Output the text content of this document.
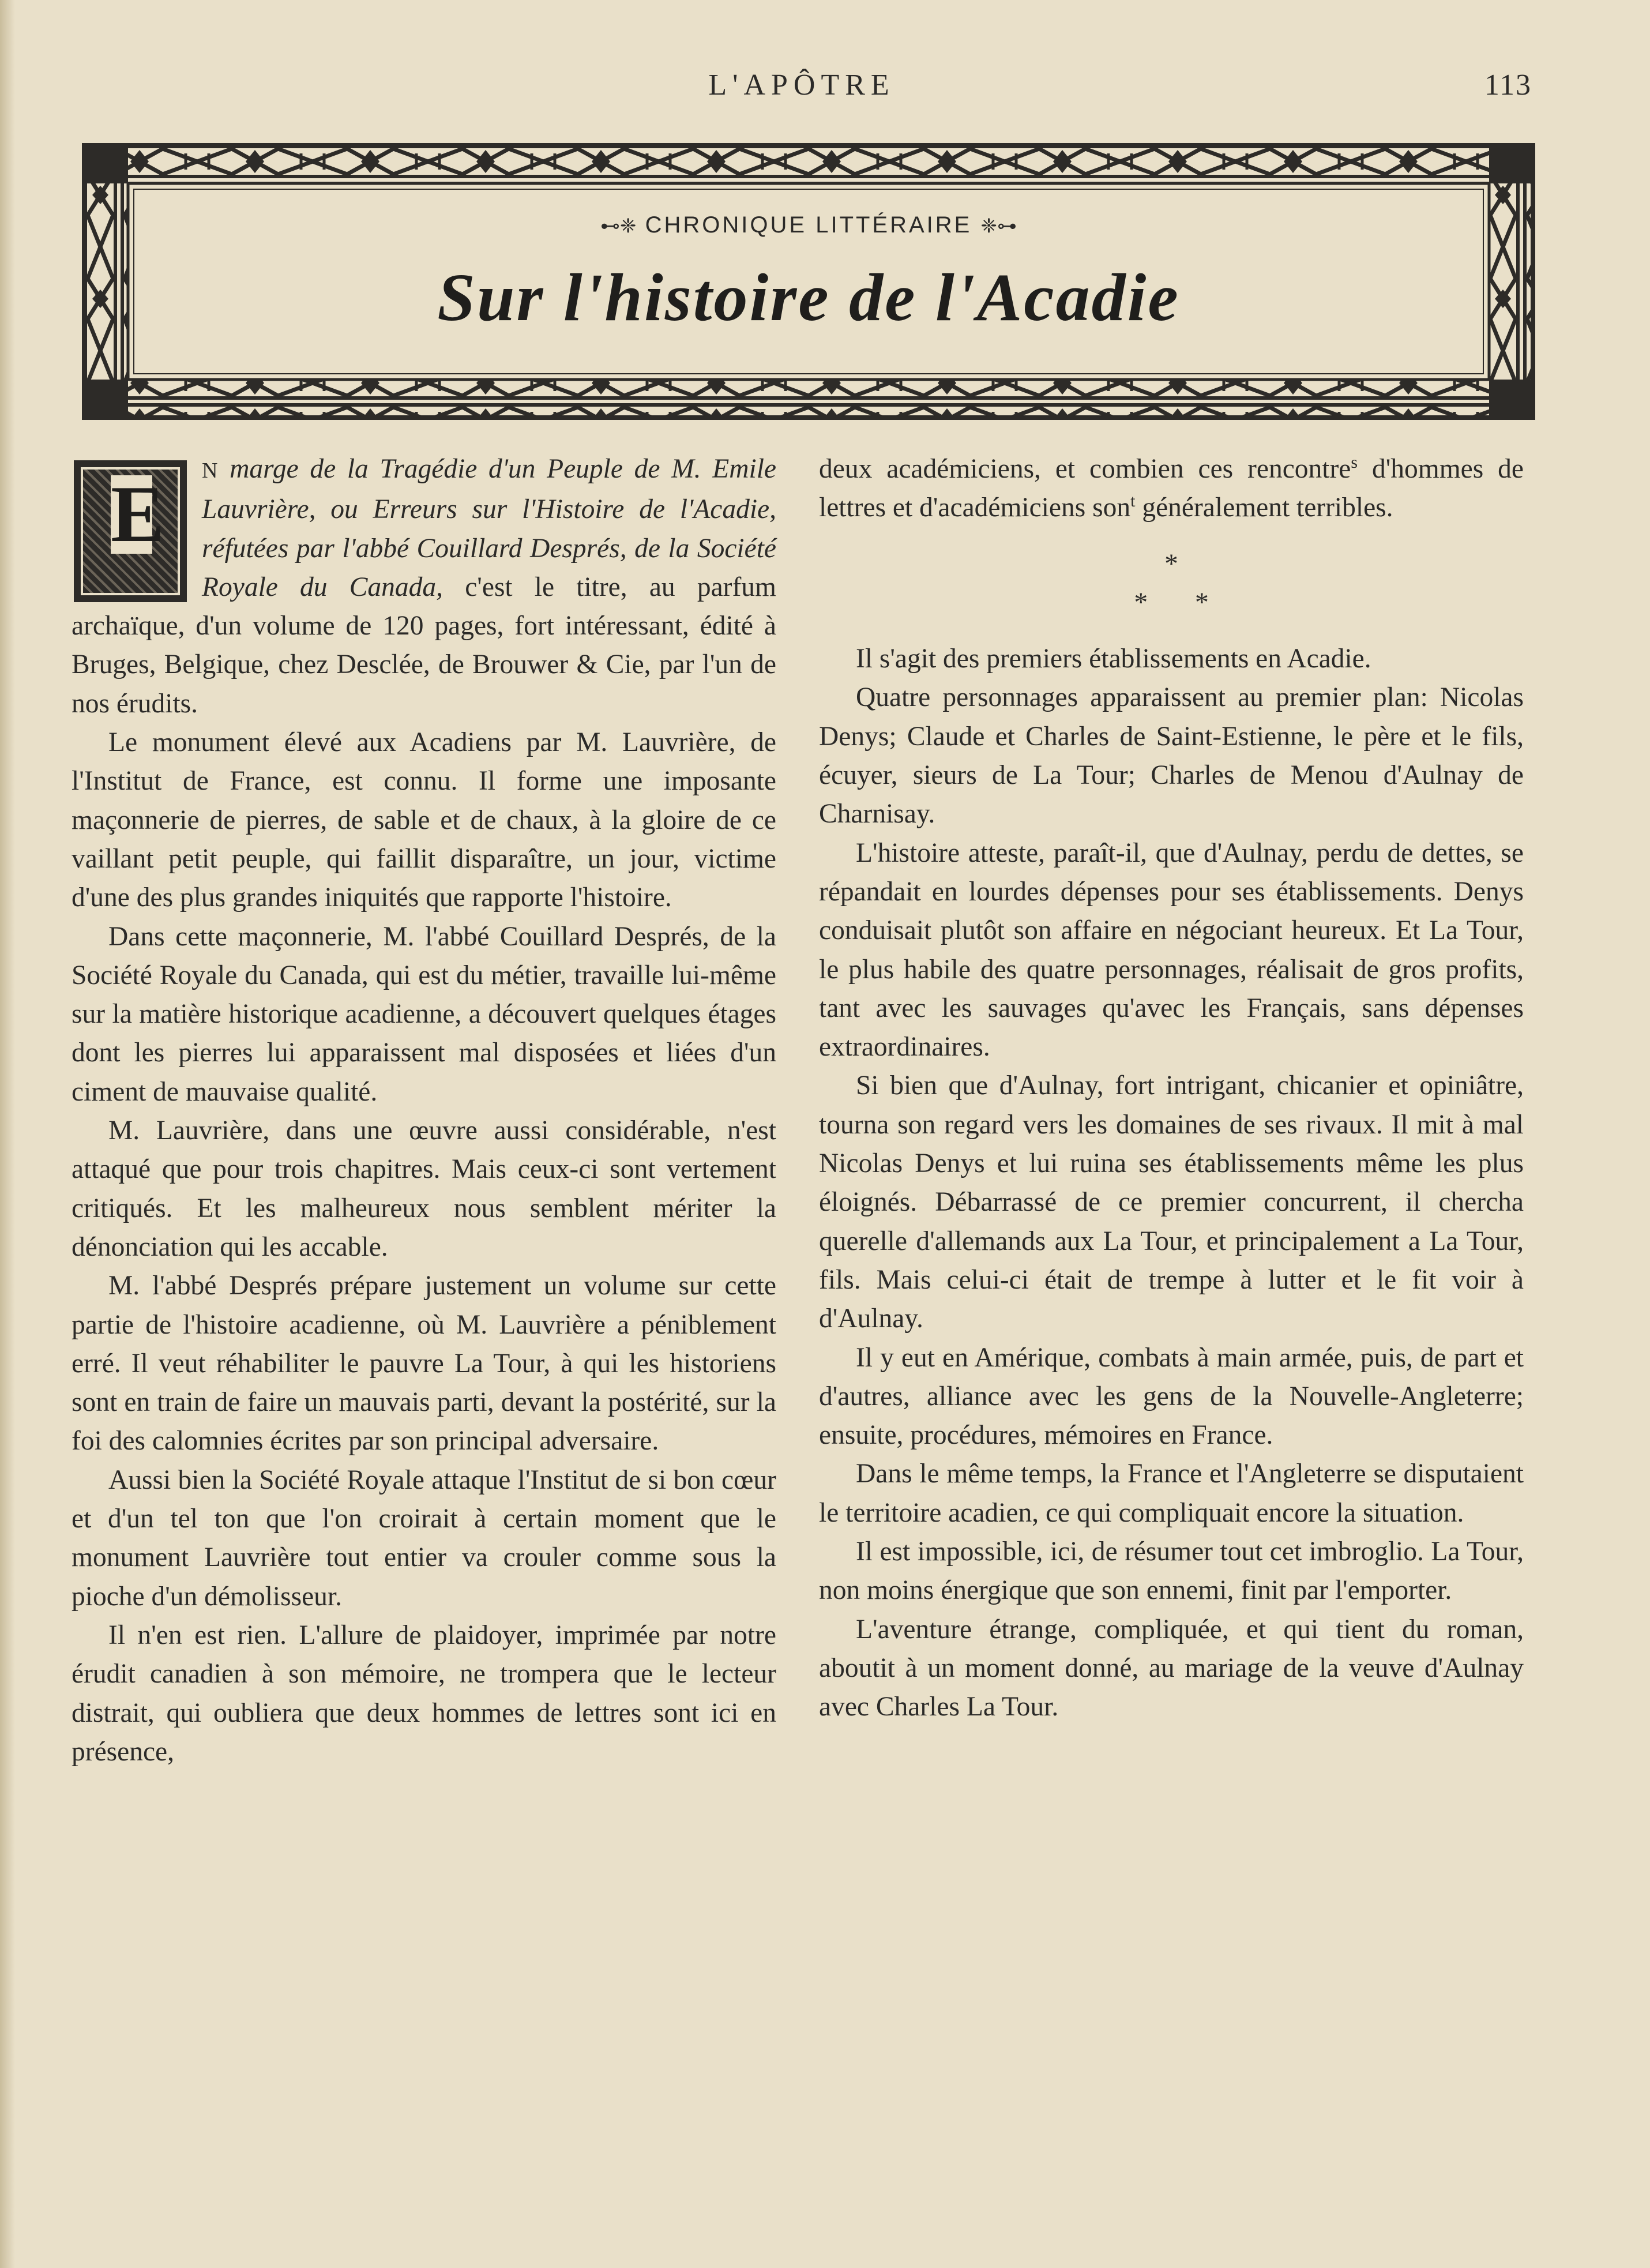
L'APÔTRE	113
⊷❈ CHRONIQUE LITTÉRAIRE ❈⊶
Sur l'histoire de l'Acadie
E	N marge de la Tragédie d'un Peuple de M. Emile Lauvrière, ou Erreurs sur l'Histoire de l'Acadie, réfutées par l'abbé Couillard Després, de la Société Royale du Canada, c'est le titre, au parfum archaïque, d'un volume de 120 pages, fort intéressant, édité à Bruges, Belgique, chez Desclée, de Brouwer & Cie, par l'un de nos érudits.

Le monument élevé aux Acadiens par M. Lauvrière, de l'Institut de France, est connu. Il forme une imposante maçonnerie de pierres, de sable et de chaux, à la gloire de ce vaillant petit peuple, qui faillit disparaître, un jour, victime d'une des plus grandes iniquités que rapporte l'histoire.

Dans cette maçonnerie, M. l'abbé Couillard Després, de la Société Royale du Canada, qui est du métier, travaille lui-même sur la matière historique acadienne, a découvert quelques étages dont les pierres lui apparaissent mal disposées et liées d'un ciment de mauvaise qualité.

M. Lauvrière, dans une œuvre aussi considérable, n'est attaqué que pour trois chapitres. Mais ceux-ci sont vertement critiqués. Et les malheureux nous semblent mériter la dénonciation qui les accable.

M. l'abbé Després prépare justement un volume sur cette partie de l'histoire acadienne, où M. Lauvrière a péniblement erré. Il veut réhabiliter le pauvre La Tour, à qui les historiens sont en train de faire un mauvais parti, devant la postérité, sur la foi des calomnies écrites par son principal adversaire.

Aussi bien la Société Royale attaque l'Institut de si bon cœur et d'un tel ton que l'on croirait à certain moment que le monument Lauvrière tout entier va crouler comme sous la pioche d'un démolisseur.

Il n'en est rien. L'allure de plaidoyer, imprimée par notre érudit canadien à son mémoire, ne trompera que le lecteur distrait, qui oubliera que deux hommes de lettres sont ici en présence,

deux académiciens, et combien ces rencontre$^s$ d'hommes de lettres et d'académiciens son$^t$ généralement terribles.

*
* *

Il s'agit des premiers établissements en Acadie.

Quatre personnages apparaissent au premier plan: Nicolas Denys; Claude et Charles de Saint-Estienne, le père et le fils, écuyer, sieurs de La Tour; Charles de Menou d'Aulnay de Charnisay.

L'histoire atteste, paraît-il, que d'Aulnay, perdu de dettes, se répandait en lourdes dépenses pour ses établissements. Denys conduisait plutôt son affaire en négociant heureux. Et La Tour, le plus habile des quatre personnages, réalisait de gros profits, tant avec les sauvages qu'avec les Français, sans dépenses extraordinaires.

Si bien que d'Aulnay, fort intrigant, chicanier et opiniâtre, tourna son regard vers les domaines de ses rivaux. Il mit à mal Nicolas Denys et lui ruina ses établissements même les plus éloignés. Débarrassé de ce premier concurrent, il chercha querelle d'allemands aux La Tour, et principalement a La Tour, fils. Mais celui-ci était de trempe à lutter et le fit voir à d'Aulnay.

Il y eut en Amérique, combats à main armée, puis, de part et d'autres, alliance avec les gens de la Nouvelle-Angleterre; ensuite, procédures, mémoires en France.

Dans le même temps, la France et l'Angleterre se disputaient le territoire acadien, ce qui compliquait encore la situation.

Il est impossible, ici, de résumer tout cet imbroglio. La Tour, non moins énergique que son ennemi, finit par l'emporter.

L'aventure étrange, compliquée, et qui tient du roman, aboutit à un moment donné, au mariage de la veuve d'Aulnay avec Charles La Tour.
